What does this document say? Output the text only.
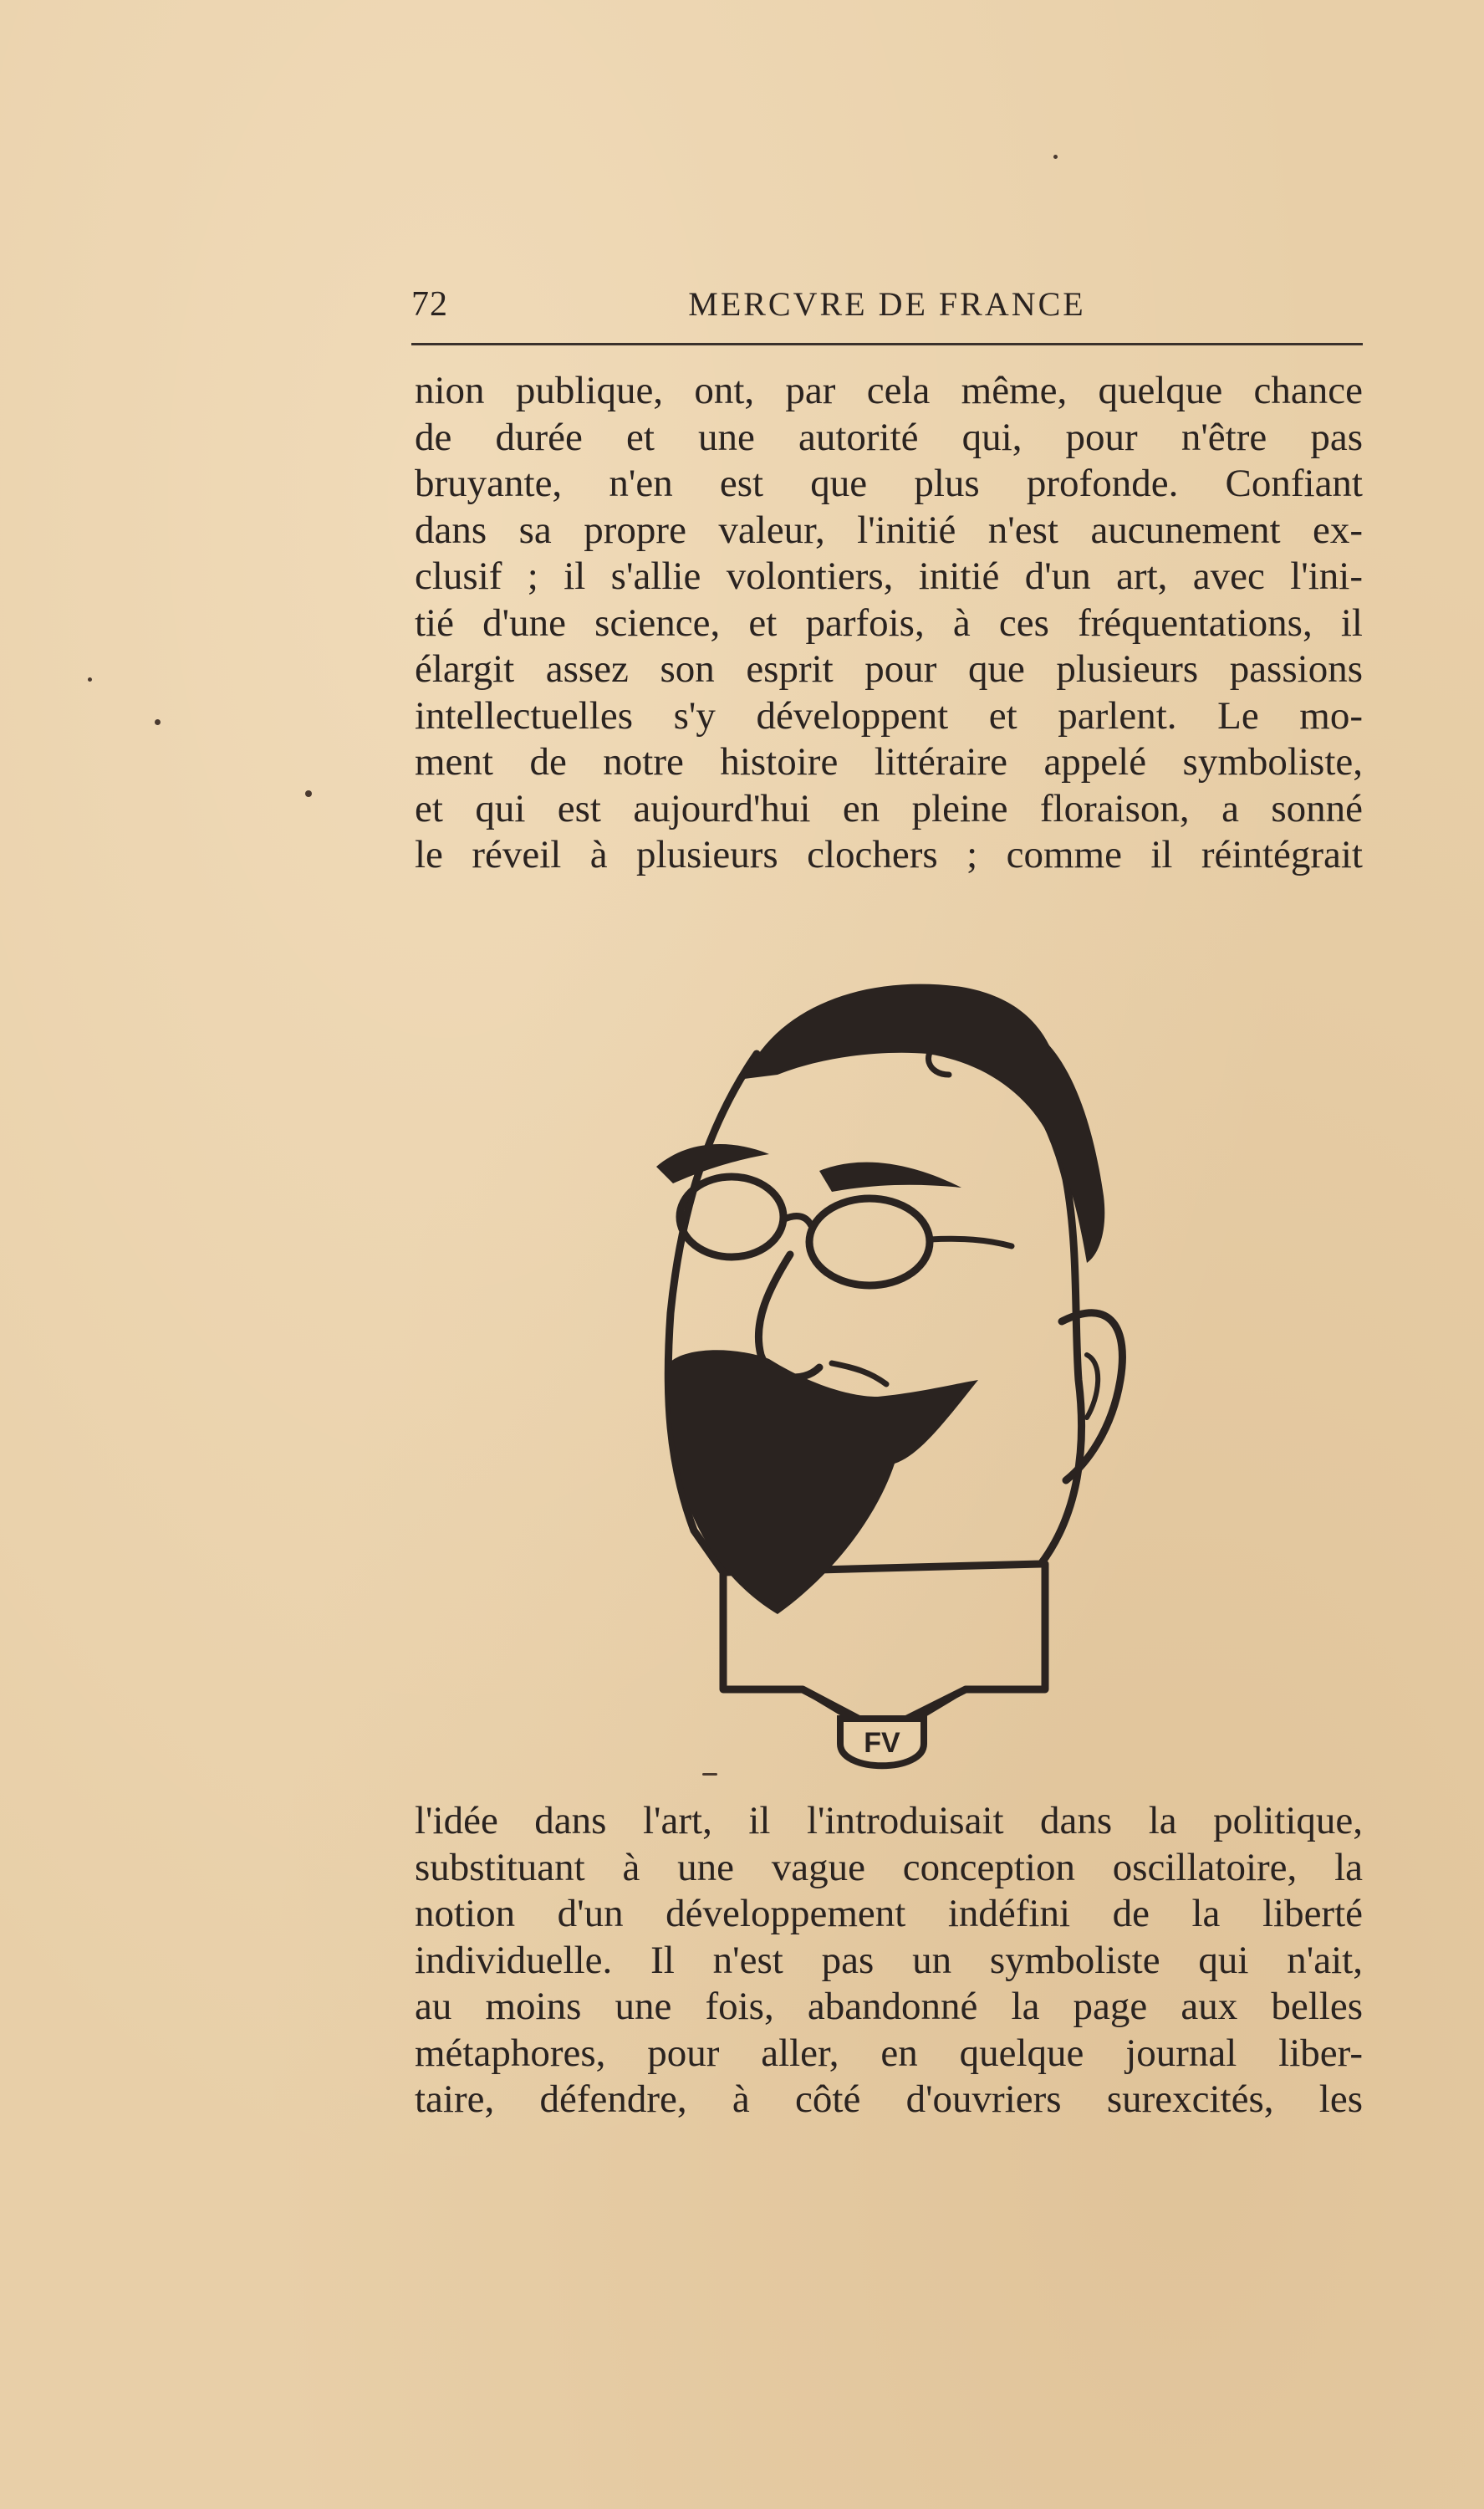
72	MERCVRE DE FRANCE
nion publique, ont, par cela même, quelque chance
de durée et une autorité qui, pour n'être pas
bruyante, n'en est que plus profonde. Confiant
dans sa propre valeur, l'initié n'est aucunement ex-
clusif ; il s'allie volontiers, initié d'un art, avec l'ini-
tié d'une science, et parfois, à ces fréquentations, il
élargit assez son esprit pour que plusieurs passions
intellectuelles s'y développent et parlent. Le mo-
ment de notre histoire littéraire appelé symboliste,
et qui est aujourd'hui en pleine floraison, a sonné
le réveil à plusieurs clochers ; comme il réintégrait
FV
l'idée dans l'art, il l'introduisait dans la politique,
substituant à une vague conception oscillatoire, la
notion d'un développement indéfini de la liberté
individuelle. Il n'est pas un symboliste qui n'ait,
au moins une fois, abandonné la page aux belles
métaphores, pour aller, en quelque journal liber-
taire, défendre, à côté d'ouvriers surexcités, les
